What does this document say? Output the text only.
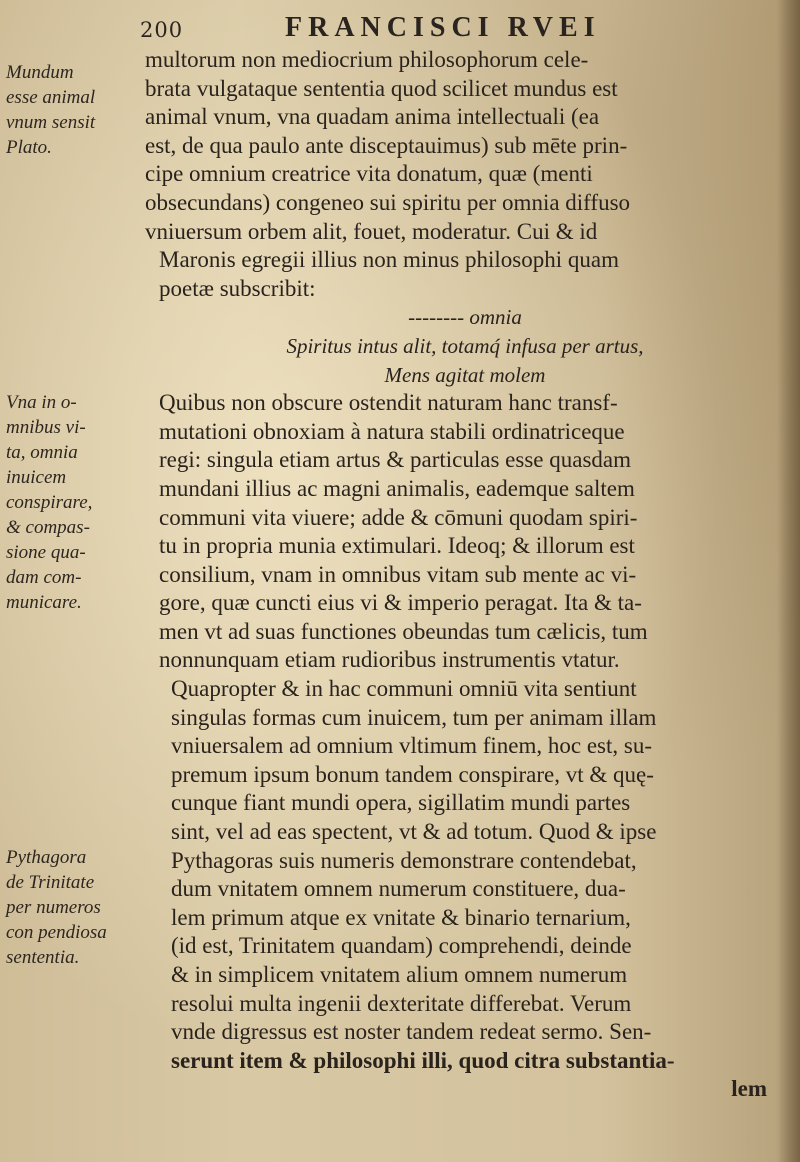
200	FRANCISCI RVEI
Mundum
esse animal
vnum sensit
Plato.
Vna in o-
mnibus vi-
ta, omnia
inuicem
conspirare,
& compas-
sione qua-
dam com-
municare.
Pythagora
de Trinitate
per numeros
con pendiosa
sententia.
multorum non mediocrium philosophorum cele-
brata vulgataque sententia quod scilicet mundus est
animal vnum, vna quadam anima intellectuali (ea
est, de qua paulo ante disceptauimus) sub mēte prin-
cipe omnium creatrice vita donatum, quæ (menti
obsecundans) congeneo sui spiritu per omnia diffuso
vniuersum orbem alit, fouet, moderatur. Cui & id
Maronis egregii illius non minus philosophi quam
poetæ subscribit:
-------- omnia
Spiritus intus alit, totamq́ infusa per artus,
Mens agitat molem
Quibus non obscure ostendit naturam hanc transf-
mutationi obnoxiam à natura stabili ordinatriceque
regi: singula etiam artus & particulas esse quasdam
mundani illius ac magni animalis, eademque saltem
communi vita viuere; adde & cōmuni quodam spiri-
tu in propria munia extimulari. Ideoq; & illorum est
consilium, vnam in omnibus vitam sub mente ac vi-
gore, quæ cuncti eius vi & imperio peragat. Ita & ta-
men vt ad suas functiones obeundas tum cælicis, tum
nonnunquam etiam rudioribus instrumentis vtatur.
Quapropter & in hac communi omniū vita sentiunt
singulas formas cum inuicem, tum per animam illam
vniuersalem ad omnium vltimum finem, hoc est, su-
premum ipsum bonum tandem conspirare, vt & quę-
cunque fiant mundi opera, sigillatim mundi partes
sint, vel ad eas spectent, vt & ad totum. Quod & ipse
Pythagoras suis numeris demonstrare contendebat,
dum vnitatem omnem numerum constituere, dua-
lem primum atque ex vnitate & binario ternarium,
(id est, Trinitatem quandam) comprehendi, deinde
& in simplicem vnitatem alium omnem numerum
resolui multa ingenii dexteritate differebat. Verum
vnde digressus est noster tandem redeat sermo. Sen-
serunt item & philosophi illi, quod citra substantia-
lem
